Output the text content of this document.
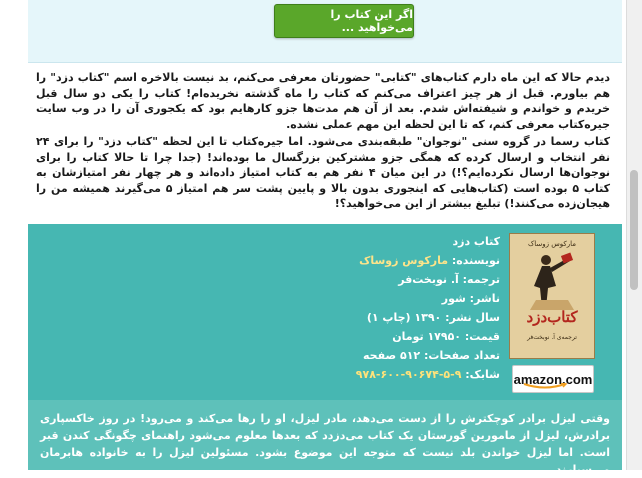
اگر این کتاب را می‌خواهید ...
دیدم حالا که این ماه دارم کتاب‌های "کتابی" حضورتان معرفی می‌کنم، بد نیست بالاخره اسم "کتاب دزد" را هم بیاورم. قبل از هر چیز اعتراف می‌کنم که کتاب را ماه گذشته نخریده‌ام! کتاب را یکی دو سال قبل خریدم و خواندم و شیفته‌اش شدم. بعد از آن هم مدت‌ها جزو کارهایم بود که یکجوری آن را در وب سایت جیره‌کتاب معرفی کنم، که تا این لحظه این مهم عملی نشده.
کتاب رسما در گروه سنی "نوجوان" طبقه‌بندی می‌شود. اما جیره‌کتاب تا این لحظه "کتاب دزد" را برای ۲۴ نفر انتخاب و ارسال کرده که همگی جزو مشترکین بزرگسال ما بوده‌اند! (جدا چرا تا حالا کتاب را برای نوجوان‌ها ارسال نکرده‌ایم؟!) در این میان ۴ نفر هم به کتاب امتیاز داده‌اند و هر چهار نفر امتیازشان به کتاب ۵ بوده است (کتاب‌هایی که اینجوری بدون بالا و پایین پشت سر هم امتیاز ۵ می‌گیرند همیشه من را هیجان‌زده می‌کنند!) تبلیغ بیشتر از این می‌خواهید؟!
مارکوس زوساک
کتاب‌دزد
ترجمه‌ی آ. نوبخت‌فر
amazon.com
کتاب دزد
نویسنده: مارکوس زوساک
ترجمه: آ. نوبخت‌فر
ناشر: شور
سال نشر: ۱۳۹۰ (چاپ ۱)
قیمت: ۱۷۹۵۰ تومان
تعداد صفحات: ۵۱۲ صفحه
شابک: ۹-۵-۹۰۶۷۴-۶۰۰-۹۷۸
وقتی لیزل برادر کوچکترش را از دست می‌دهد، مادر لیزل، او را رها می‌کند و می‌رود! در روز خاکسپاری برادرش، لیزل از مامورین گورستان یک کتاب می‌دزدد که بعدها معلوم می‌شود راهنمای چگونگی کندن قبر است. اما لیزل خواندن بلد نیست که متوجه این موضوع بشود. مسئولین لیزل را به خانواده هابرمان می‌سپارند.
